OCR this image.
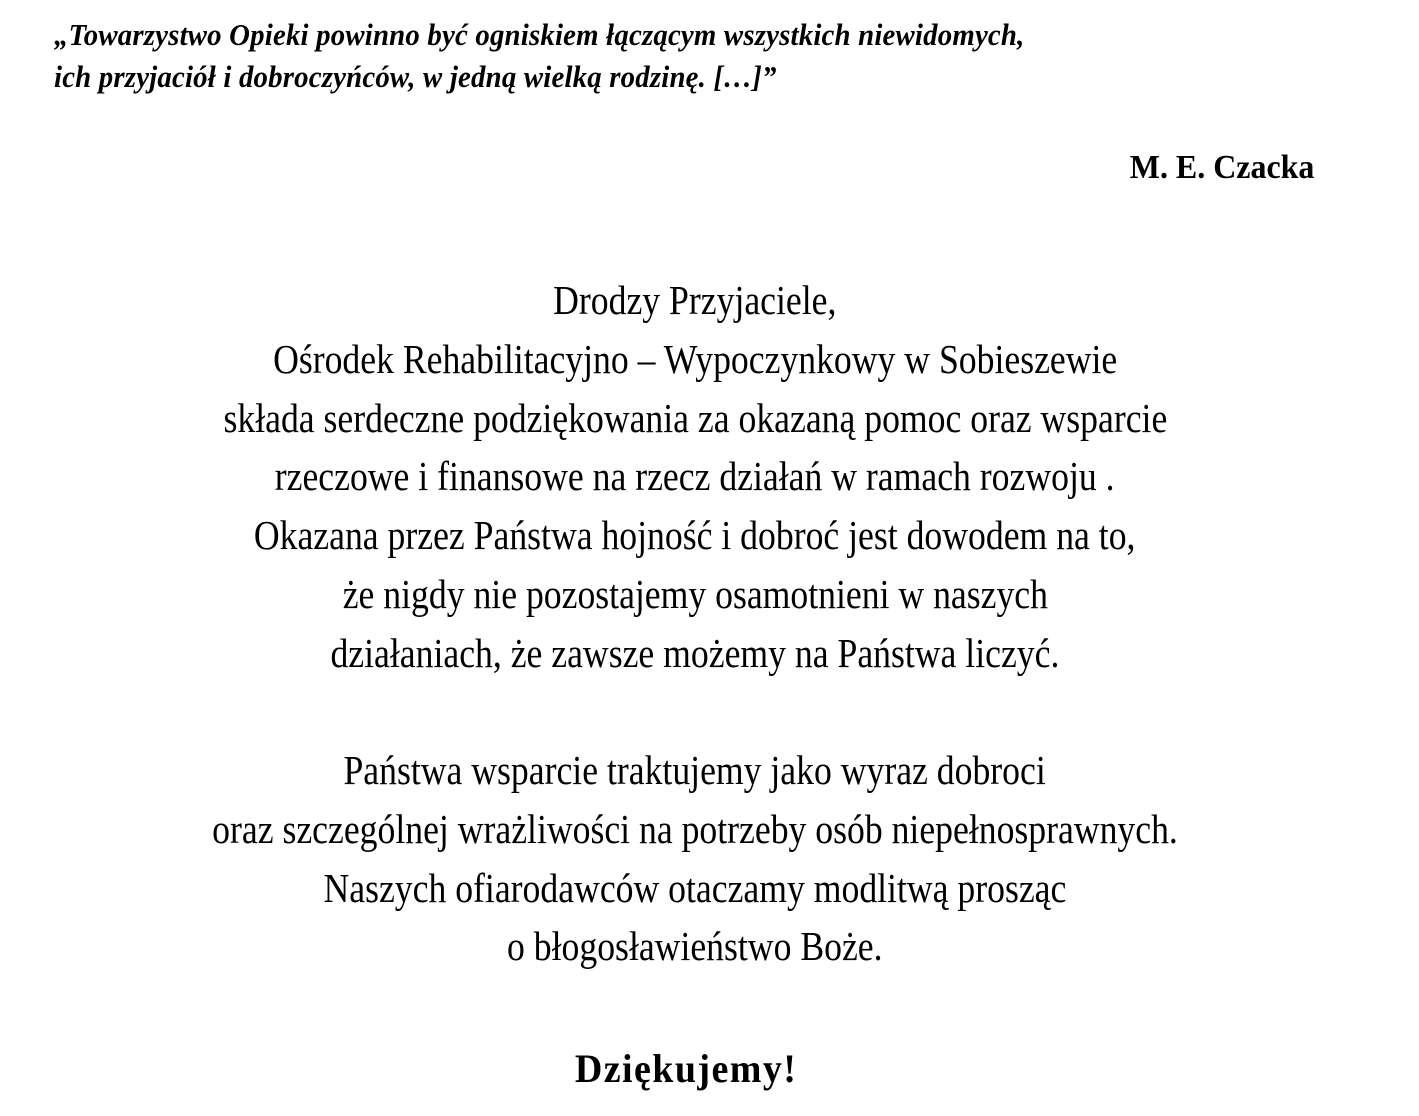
„Towarzystwo Opieki powinno być ogniskiem łączącym wszystkich niewidomych,
ich przyjaciół i dobroczyńców, w jedną wielką rodzinę. […]”
M. E. Czacka
Drodzy Przyjaciele,
Ośrodek Rehabilitacyjno – Wypoczynkowy w Sobieszewie
składa serdeczne podziękowania za okazaną pomoc oraz wsparcie
rzeczowe i finansowe na rzecz działań w ramach rozwoju .
Okazana przez Państwa hojność i dobroć jest dowodem na to,
że nigdy nie pozostajemy osamotnieni w naszych
działaniach, że zawsze możemy na Państwa liczyć.
Państwa wsparcie traktujemy jako wyraz dobroci
oraz szczególnej wrażliwości na potrzeby osób niepełnosprawnych.
Naszych ofiarodawców otaczamy modlitwą prosząc
o błogosławieństwo Boże.
Dziękujemy!
